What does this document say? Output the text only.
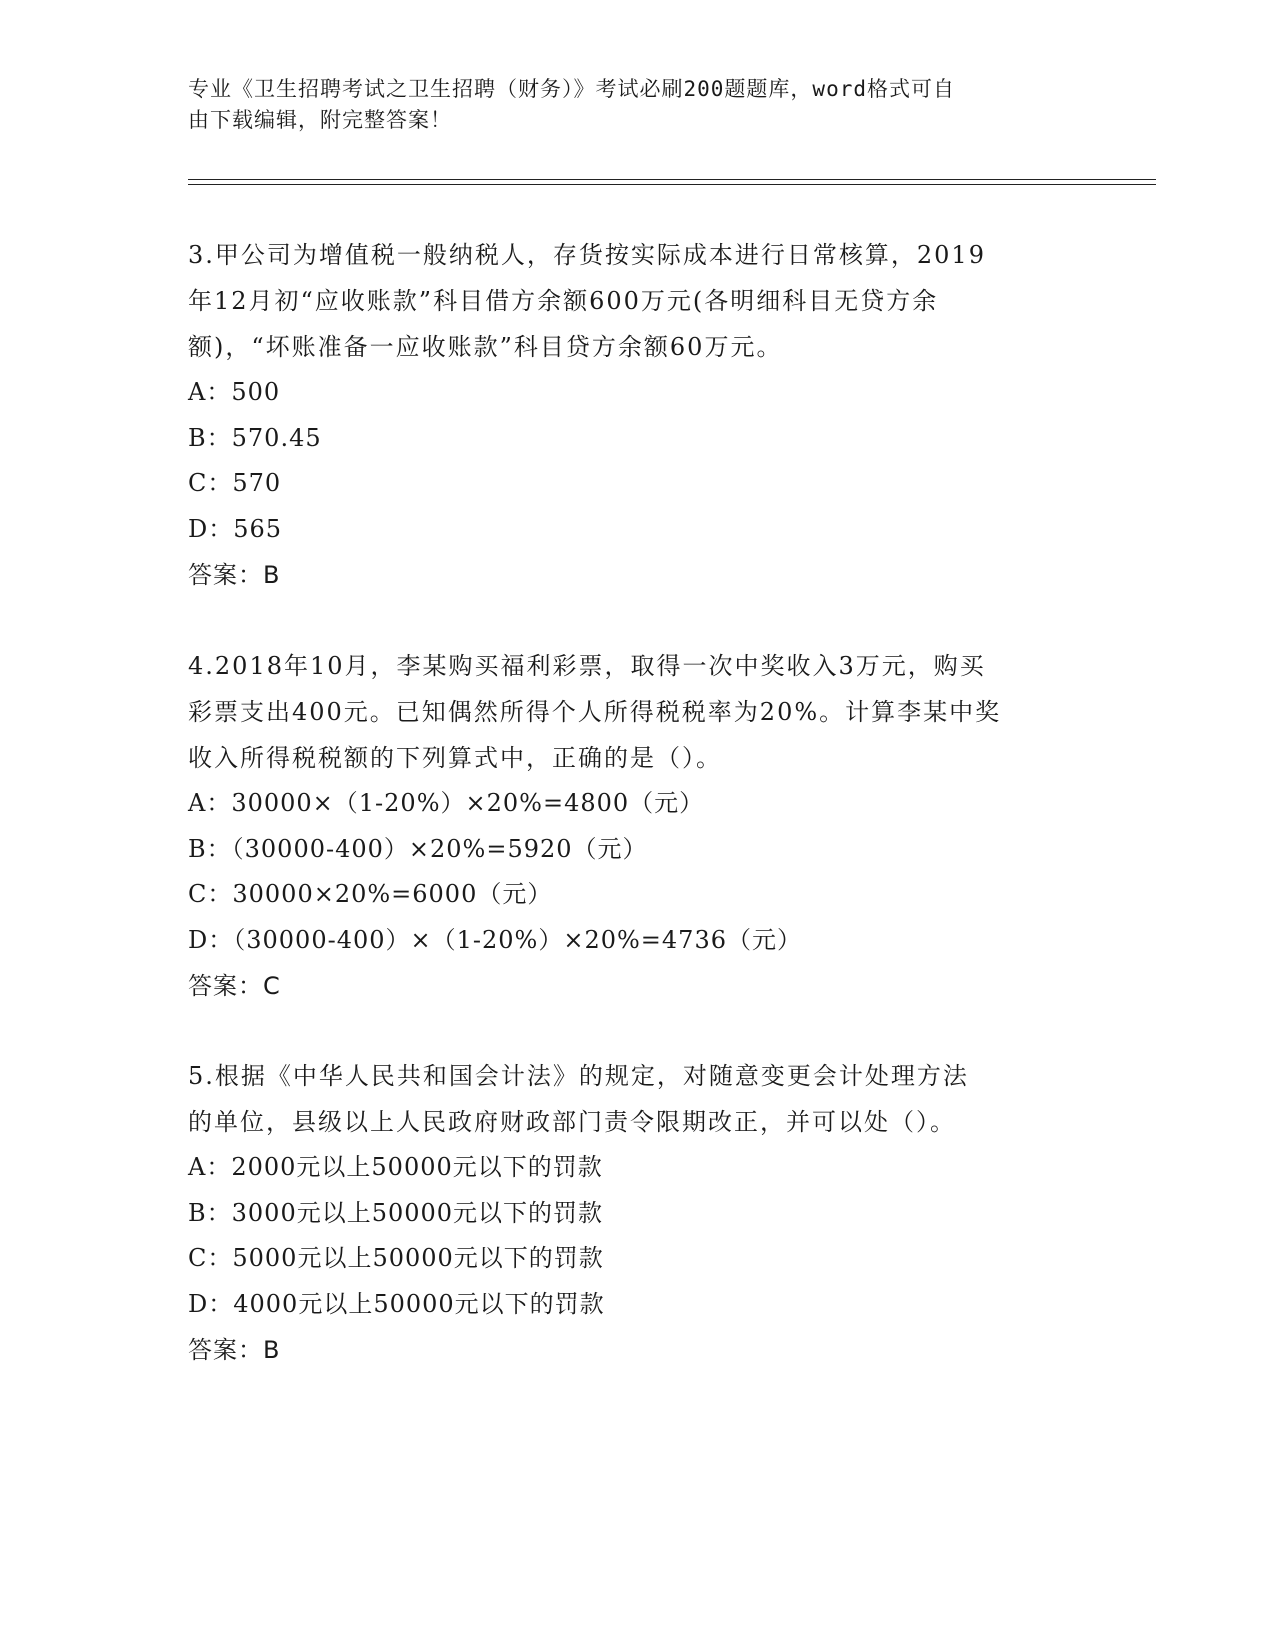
专业《卫生招聘考试之卫生招聘（财务）》考试必刷200题题库，word格式可自
由下载编辑，附完整答案！

3.甲公司为增值税一般纳税人，存货按实际成本进行日常核算，2019

年12月初“应收账款”科目借方余额600万元(各明细科目无贷方余

额)，“坏账准备一应收账款”科目贷方余额60万元。

A：500

B：570.45

C：570

D：565

答案：B

4.2018年10月，李某购买福利彩票，取得一次中奖收入3万元，购买

彩票支出400元。已知偶然所得个人所得税税率为20%。计算李某中奖

收入所得税税额的下列算式中，正确的是（）。

A：30000×（1-20%）×20%=4800（元）

B：（30000-400）×20%=5920（元）

C：30000×20%=6000（元）

D：（30000-400）×（1-20%）×20%=4736（元）

答案：C

5.根据《中华人民共和国会计法》的规定，对随意变更会计处理方法

的单位，县级以上人民政府财政部门责令限期改正，并可以处（）。

A：2000元以上50000元以下的罚款

B：3000元以上50000元以下的罚款

C：5000元以上50000元以下的罚款

D：4000元以上50000元以下的罚款

答案：B
